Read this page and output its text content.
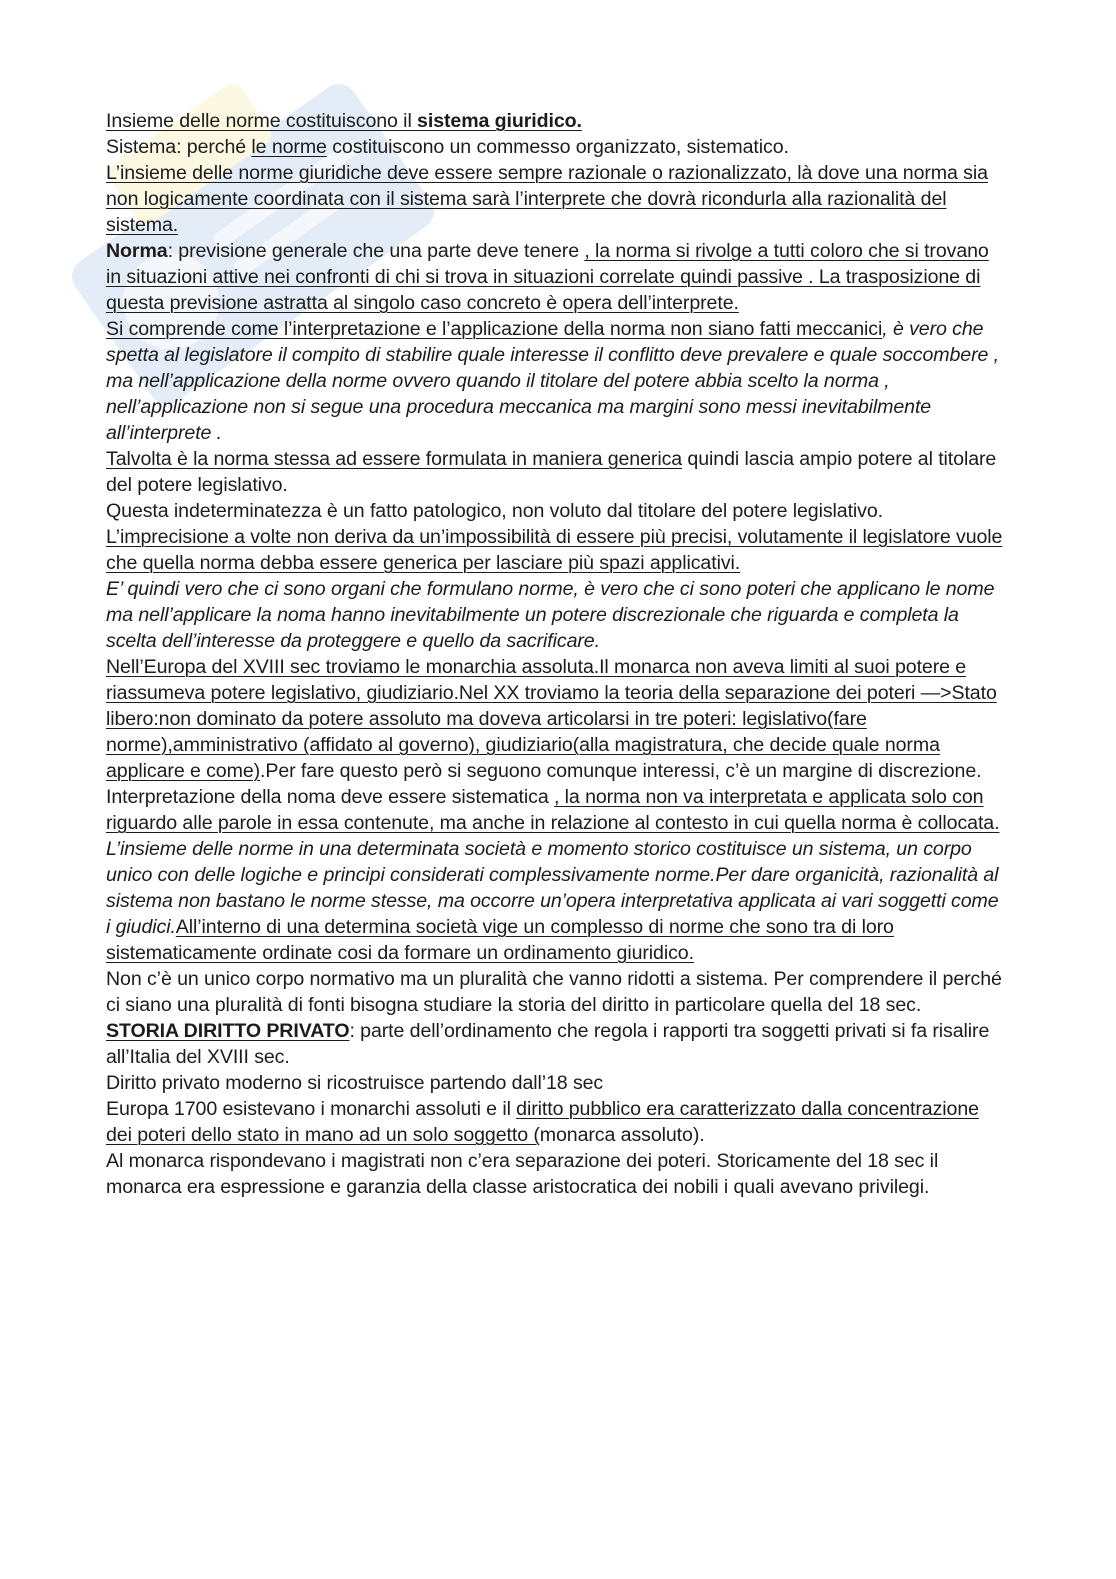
Insieme delle norme costituiscono il sistema giuridico.

Sistema: perché le norme costituiscono un commesso organizzato, sistematico.

L’insieme delle norme giuridiche deve essere sempre razionale o razionalizzato, là dove una norma sia non logicamente coordinata con il sistema sarà l’interprete che dovrà ricondurla alla razionalità del sistema.

Norma: previsione generale che una parte deve tenere , la norma si rivolge a tutti coloro che si trovano in situazioni attive nei confronti di chi si trova in situazioni correlate quindi passive . La trasposizione di questa previsione astratta al singolo caso concreto è opera dell’interprete.

Si comprende come l’interpretazione e l’applicazione della norma non siano fatti meccanici, è vero che spetta al legislatore il compito di stabilire quale interesse il conflitto deve prevalere e quale soccombere , ma nell’applicazione della norme ovvero quando il titolare del potere abbia scelto la norma , nell’applicazione non si segue una procedura meccanica ma margini sono messi inevitabilmente all’interprete .

Talvolta è la norma stessa ad essere formulata in maniera generica quindi lascia ampio potere al titolare del potere legislativo.

Questa indeterminatezza è un fatto patologico, non voluto dal titolare del potere legislativo.

L’imprecisione a volte non deriva da un’impossibilità di essere più precisi, volutamente il legislatore vuole che quella norma debba essere generica per lasciare più spazi applicativi.

E’ quindi vero che ci sono organi che formulano norme, è vero che ci sono poteri che applicano le nome ma nell’applicare la noma hanno inevitabilmente un potere discrezionale che riguarda e completa la scelta dell’interesse da proteggere e quello da sacrificare.

Nell’Europa del XVIII sec troviamo le monarchia assoluta.Il monarca non aveva limiti al suoi potere e riassumeva potere legislativo, giudiziario.Nel XX troviamo la teoria della separazione dei poteri —>Stato libero:non dominato da potere assoluto ma doveva articolarsi in tre poteri: legislativo(fare norme),amministrativo (affidato al governo), giudiziario(alla magistratura, che decide quale norma applicare e come).Per fare questo però si seguono comunque interessi, c’è un margine di discrezione.

Interpretazione della noma deve essere sistematica , la norma non va interpretata e applicata solo con riguardo alle parole in essa contenute, ma anche in relazione al contesto in cui quella norma è collocata.

L’insieme delle norme in una determinata società e momento storico costituisce un sistema, un corpo unico con delle logiche e principi considerati complessivamente norme.Per dare organicità, razionalità al sistema non bastano le norme stesse, ma occorre un’opera interpretativa applicata ai vari soggetti come i giudici.All’interno di una determina società vige un complesso di norme che sono tra di loro sistematicamente ordinate cosi da formare un ordinamento giuridico.

Non c’è un unico corpo normativo ma un pluralità che vanno ridotti a sistema. Per comprendere il perché ci siano una pluralità di fonti bisogna studiare la storia del diritto in particolare quella del 18 sec.

STORIA DIRITTO PRIVATO: parte dell’ordinamento che regola i rapporti tra soggetti privati si fa risalire all’Italia del XVIII sec.

Diritto privato moderno si ricostruisce partendo dall’18 sec

Europa 1700 esistevano i monarchi assoluti e il diritto pubblico era caratterizzato dalla concentrazione dei poteri dello stato in mano ad un solo soggetto (monarca assoluto).

Al monarca rispondevano i magistrati non c’era separazione dei poteri. Storicamente del 18 sec il monarca era espressione e garanzia della classe aristocratica dei nobili i quali avevano privilegi.
